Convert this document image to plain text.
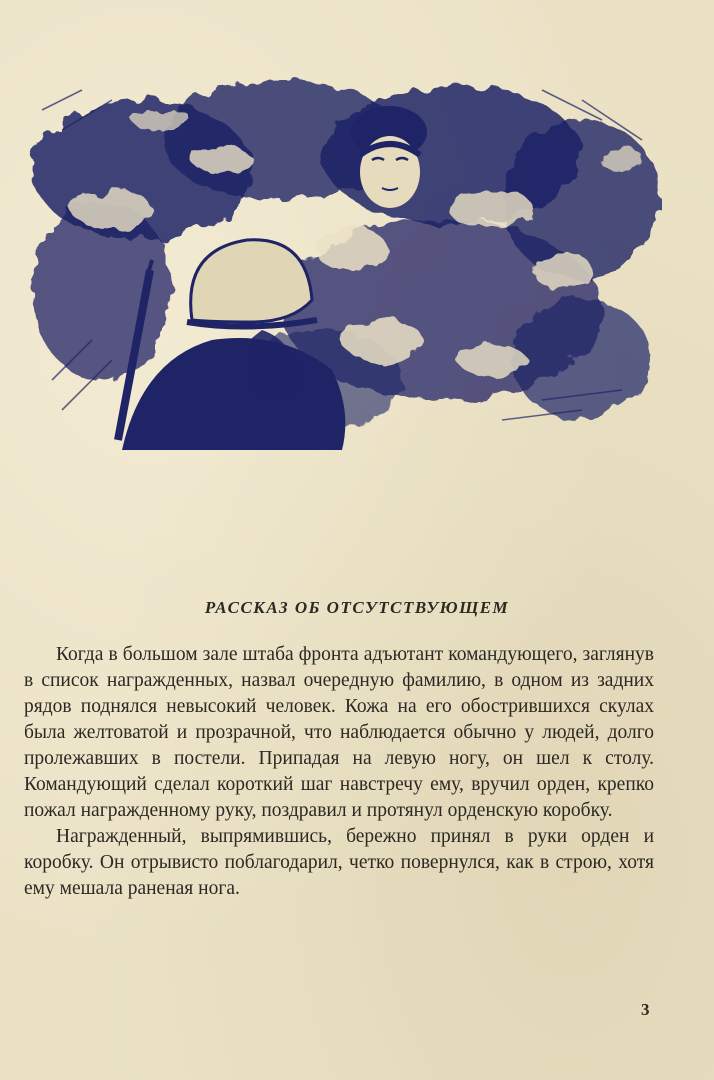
РАССКАЗ ОБ ОТСУТСТВУЮЩЕМ

Когда в большом зале штаба фронта адъютант командующего, заглянув в список награжденных, назвал очередную фамилию, в одном из задних рядов поднялся невысокий человек. Кожа на его обострившихся скулах была желтоватой и прозрачной, что наблюдается обычно у людей, долго пролежавших в постели. Припадая на левую ногу, он шел к столу. Командующий сделал короткий шаг навстречу ему, вручил орден, крепко пожал награжденному руку, поздравил и протянул орденскую коробку.

Награжденный, выпрямившись, бережно принял в руки орден и коробку. Он отрывисто поблагодарил, четко повернулся, как в строю, хотя ему мешала раненая нога.

3
